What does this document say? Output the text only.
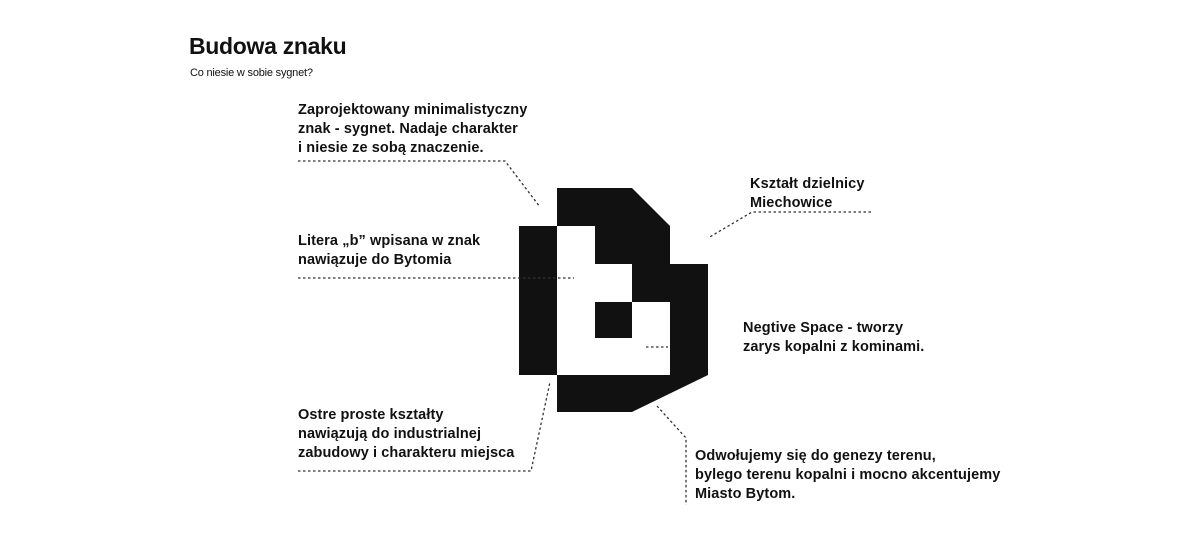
Budowa znaku
Co niesie w sobie sygnet?
Zaprojektowany minimalistyczny
znak - sygnet. Nadaje charakter
i niesie ze sobą znaczenie.
Litera „b” wpisana w znak
nawiązuje do Bytomia
Ostre proste kształty
nawiązują do industrialnej
zabudowy i charakteru miejsca
Kształt dzielnicy
Miechowice
Negtive Space - tworzy
zarys kopalni z kominami.
Odwołujemy się do genezy terenu,
bylego terenu kopalni i mocno akcentujemy
Miasto Bytom.
